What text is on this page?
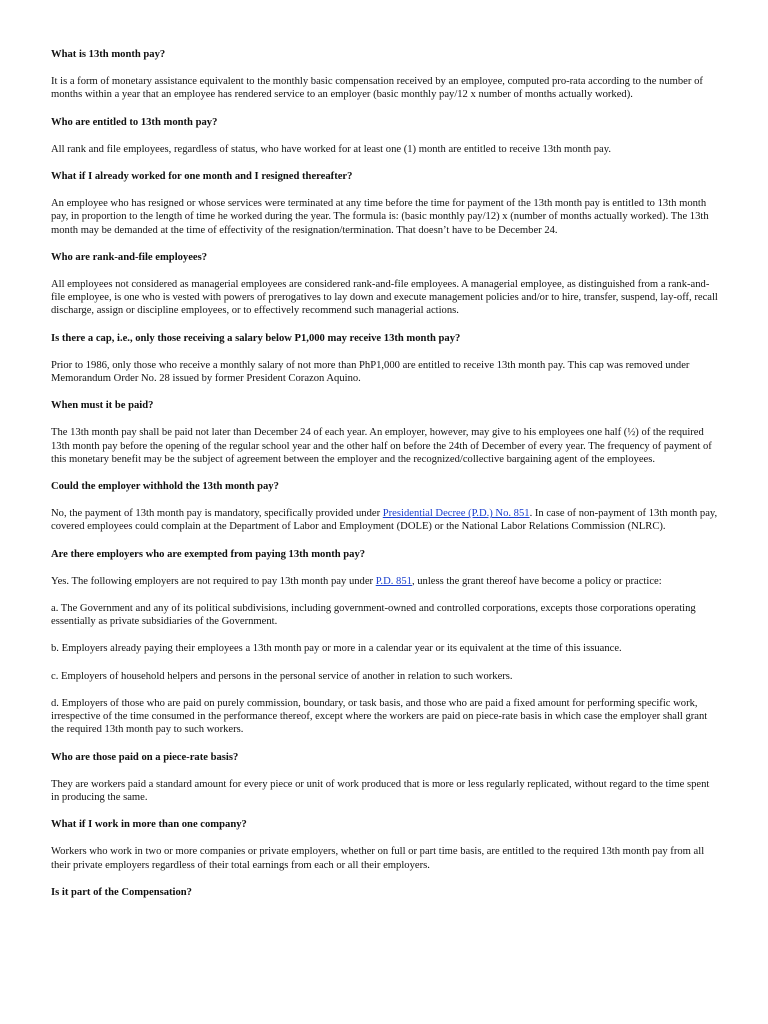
What is 13th month pay?

It is a form of monetary assistance equivalent to the monthly basic compensation received by an employee, computed pro-rata according to the number of months within a year that an employee has rendered service to an employer (basic monthly pay/12 x number of months actually worked).

Who are entitled to 13th month pay?

All rank and file employees, regardless of status, who have worked for at least one (1) month are entitled to receive 13th month pay.

What if I already worked for one month and I resigned thereafter?

An employee who has resigned or whose services were terminated at any time before the time for payment of the 13th month pay is entitled to 13th month pay, in proportion to the length of time he worked during the year. The formula is: (basic monthly pay/12) x (number of months actually worked). The 13th month may be demanded at the time of effectivity of the resignation/termination. That doesn’t have to be December 24.

Who are rank-and-file employees?

All employees not considered as managerial employees are considered rank-and-file employees. A managerial employee, as distinguished from a rank-and-file employee, is one who is vested with powers of prerogatives to lay down and execute management policies and/or to hire, transfer, suspend, lay-off, recall discharge, assign or discipline employees, or to effectively recommend such managerial actions.

Is there a cap, i.e., only those receiving a salary below P1,000 may receive 13th month pay?

Prior to 1986, only those who receive a monthly salary of not more than PhP1,000 are entitled to receive 13th month pay. This cap was removed under Memorandum Order No. 28 issued by former President Corazon Aquino.

When must it be paid?

The 13th month pay shall be paid not later than December 24 of each year. An employer, however, may give to his employees one half (½) of the required 13th month pay before the opening of the regular school year and the other half on before the 24th of December of every year. The frequency of payment of this monetary benefit may be the subject of agreement between the employer and the recognized/collective bargaining agent of the employees.

Could the employer withhold the 13th month pay?

No, the payment of 13th month pay is mandatory, specifically provided under Presidential Decree (P.D.) No. 851. In case of non-payment of 13th month pay, covered employees could complain at the Department of Labor and Employment (DOLE) or the National Labor Relations Commission (NLRC).

Are there employers who are exempted from paying 13th month pay?

Yes. The following employers are not required to pay 13th month pay under P.D. 851, unless the grant thereof have become a policy or practice:

a. The Government and any of its political subdivisions, including government-owned and controlled corporations, excepts those corporations operating essentially as private subsidiaries of the Government.

b. Employers already paying their employees a 13th month pay or more in a calendar year or its equivalent at the time of this issuance.

c. Employers of household helpers and persons in the personal service of another in relation to such workers.

d. Employers of those who are paid on purely commission, boundary, or task basis, and those who are paid a fixed amount for performing specific work, irrespective of the time consumed in the performance thereof, except where the workers are paid on piece-rate basis in which case the employer shall grant the required 13th month pay to such workers.

Who are those paid on a piece-rate basis?

They are workers paid a standard amount for every piece or unit of work produced that is more or less regularly replicated, without regard to the time spent in producing the same.

What if I work in more than one company?

Workers who work in two or more companies or private employers, whether on full or part time basis, are entitled to the required 13th month pay from all their private employers regardless of their total earnings from each or all their employers.

Is it part of the Compensation?
